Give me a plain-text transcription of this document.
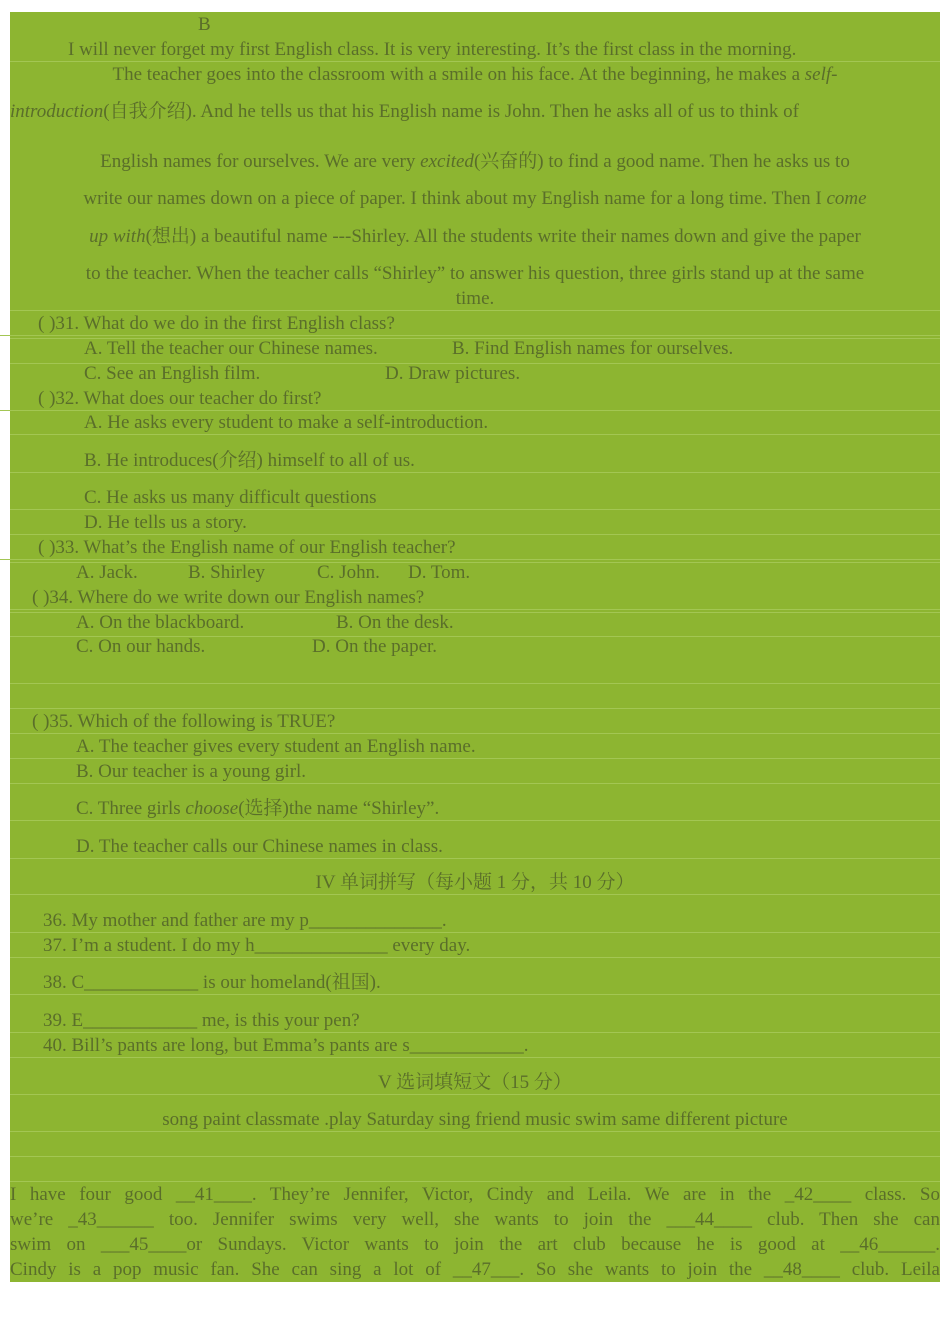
B
I will never forget my first English class. It is very interesting. It’s the first class in the morning.
The teacher goes into the classroom with a smile on his face. At the beginning, he makes a self-
introduction(自我介绍). And he tells us that his English name is John. Then he asks all of us to think of
English names for ourselves. We are very excited(兴奋的) to find a good name. Then he asks us to
write our names down on a piece of paper. I think about my English name for a long time. Then I come
up with(想出) a beautiful name ---Shirley. All the students write their names down and give the paper
to the teacher. When the teacher calls “Shirley” to answer his question, three girls stand up at the same
time.
( )31. What do we do in the first English class?
A. Tell the teacher our Chinese names.	B. Find English names for ourselves.
C. See an English film.	D. Draw pictures.
( )32. What does our teacher do first?
A. He asks every student to make a self-introduction.
B. He introduces(介绍) himself to all of us.
C. He asks us many difficult questions
D. He tells us a story.
( )33. What’s the English name of our English teacher?
A. Jack.	B. Shirley	C. John. D. Tom.
( )34. Where do we write down our English names?
A. On the blackboard.	B. On the desk.
C. On our hands.	D. On the paper.
( )35. Which of the following is TRUE?
A. The teacher gives every student an English name.
B. Our teacher is a young girl.
C. Three girls choose(选择)the name “Shirley”.
D. The teacher calls our Chinese names in class.
IV 单词拼写（每小题 1 分，共 10 分）
36. My mother and father are my p______________.
37. I’m a student. I do my h______________ every day.
38. C____________ is our homeland(祖国).
39. E____________ me, is this your pen?
40. Bill’s pants are long, but Emma’s pants are s____________.
V 选词填短文（15 分）
song paint classmate .play Saturday sing friend music swim same different picture
I have four good __41____. They’re Jennifer, Victor, Cindy and Leila. We are in the _42____ class. So
we’re _43______ too. Jennifer swims very well, she wants to join the ___44____ club. Then she can
swim on ___45____or Sundays. Victor wants to join the art club because he is good at __46______.
Cindy is a pop music fan. She can sing a lot of __47___. So she wants to join the __48____ club. Leila
